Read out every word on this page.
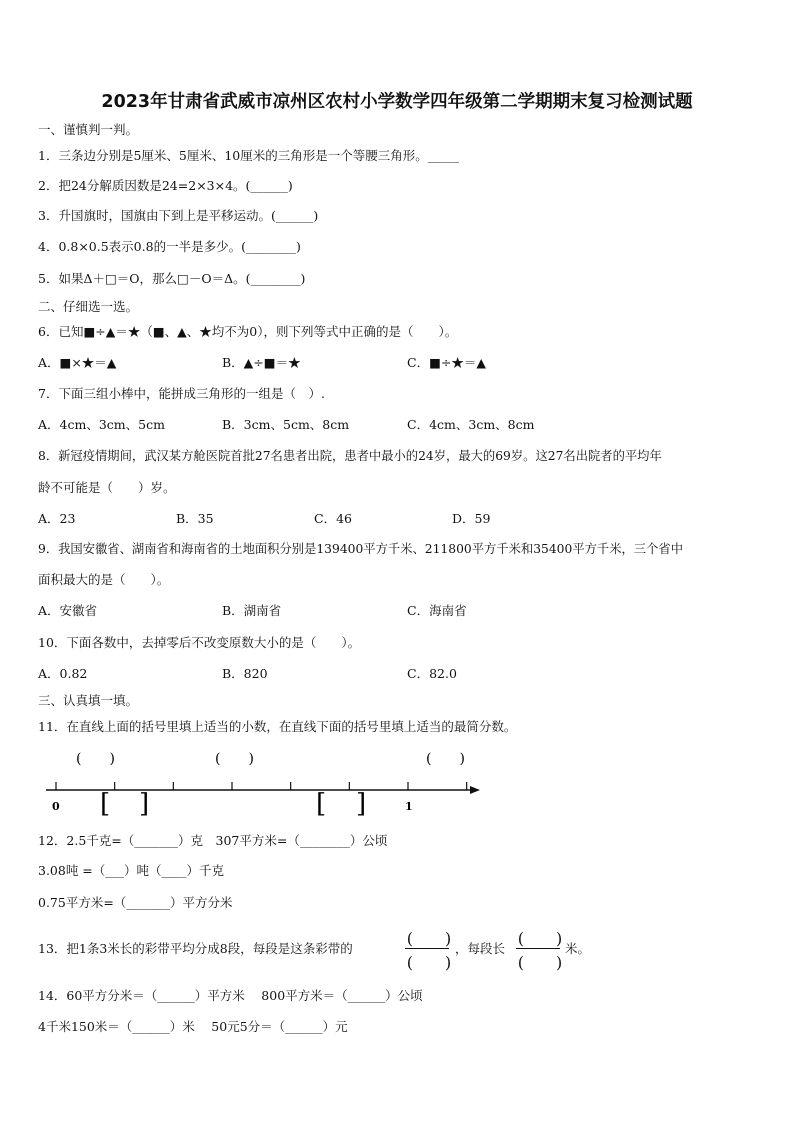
2023年甘肃省武威市凉州区农村小学数学四年级第二学期期末复习检测试题
一、谨慎判一判。
1．三条边分别是5厘米、5厘米、10厘米的三角形是一个等腰三角形。_____
2．把24分解质因数是24=2×3×4。(______)
3．升国旗时，国旗由下到上是平移运动。(______)
4．0.8×0.5表示0.8的一半是多少。(________)
5．如果Δ＋□＝O，那么□－O＝Δ。(________)
二、仔细选一选。
6．已知■÷▲＝★（■、▲、★均不为0），则下列等式中正确的是（　　）。
A．■×★＝▲	B．▲÷■＝★	C．■÷★＝▲
7．下面三组小棒中，能拼成三角形的一组是（　）.
A．4cm、3cm、5cm	B．3cm、5cm、8cm	C．4cm、3cm、8cm
8．新冠疫情期间，武汉某方舱医院首批27名患者出院，患者中最小的24岁，最大的69岁。这27名出院者的平均年
龄不可能是（　　）岁。
A．23	B．35	C．46	D．59
9．我国安徽省、湖南省和海南省的土地面积分别是139400平方千米、211800平方千米和35400平方千米，三个省中
面积最大的是（　　）。
A．安徽省	B．湖南省	C．海南省
10．下面各数中，去掉零后不改变原数大小的是（　　）。
A．0.82	B．820	C．82.0
三、认真填一填。
11．在直线上面的括号里填上适当的小数，在直线下面的括号里填上适当的最简分数。
(　　)	(　　)	(　　)
0	1
[ ]	[ ]
12．2.5千克=（_______）克　307平方米=（________）公顷
3.08吨 =（___）吨（____）千克
0.75平方米=（_______）平方分米
13．把1条3米长的彩带平均分成8段，每段是这条彩带的
(　　)
(　　)
，每段长
(　　)
(　　)
米。
14．60平方分米＝（______）平方米　 800平方米＝（______）公顷
4千米150米＝（______）米　 50元5分＝（______）元
